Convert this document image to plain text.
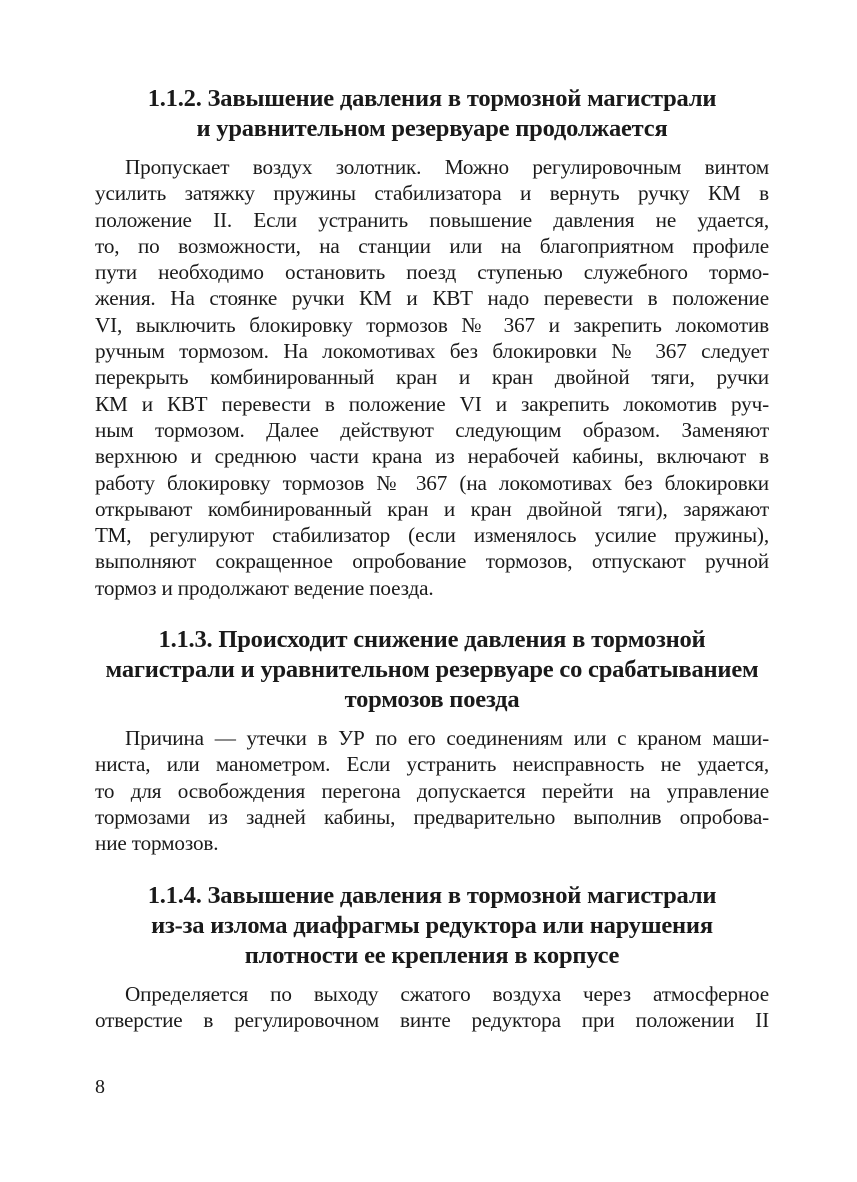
1.1.2. Завышение давления в тормозной магистрали
и уравнительном резервуаре продолжается

Пропускает воздух золотник. Можно регулировочным винтом
усилить затяжку пружины стабилизатора и вернуть ручку КМ в
положение II. Если устранить повышение давления не удается,
то, по возможности, на станции или на благоприятном профиле
пути необходимо остановить поезд ступенью служебного тормо-
жения. На стоянке ручки КМ и КВТ надо перевести в положение
VI, выключить блокировку тормозов № 367 и закрепить локомотив
ручным тормозом. На локомотивах без блокировки № 367 следует
перекрыть комбинированный кран и кран двойной тяги, ручки
КМ и КВТ перевести в положение VI и закрепить локомотив руч-
ным тормозом. Далее действуют следующим образом. Заменяют
верхнюю и среднюю части крана из нерабочей кабины, включают в
работу блокировку тормозов № 367 (на локомотивах без блокировки
открывают комбинированный кран и кран двойной тяги), заряжают
ТМ, регулируют стабилизатор (если изменялось усилие пружины),
выполняют сокращенное опробование тормозов, отпускают ручной
тормоз и продолжают ведение поезда.

1.1.3. Происходит снижение давления в тормозной
магистрали и уравнительном резервуаре со срабатыванием
тормозов поезда

Причина — утечки в УР по его соединениям или с краном маши-
ниста, или манометром. Если устранить неисправность не удается,
то для освобождения перегона допускается перейти на управление
тормозами из задней кабины, предварительно выполнив опробова-
ние тормозов.

1.1.4. Завышение давления в тормозной магистрали
из-за излома диафрагмы редуктора или нарушения
плотности ее крепления в корпусе

Определяется по выходу сжатого воздуха через атмосферное
отверстие в регулировочном винте редуктора при положении II

8
